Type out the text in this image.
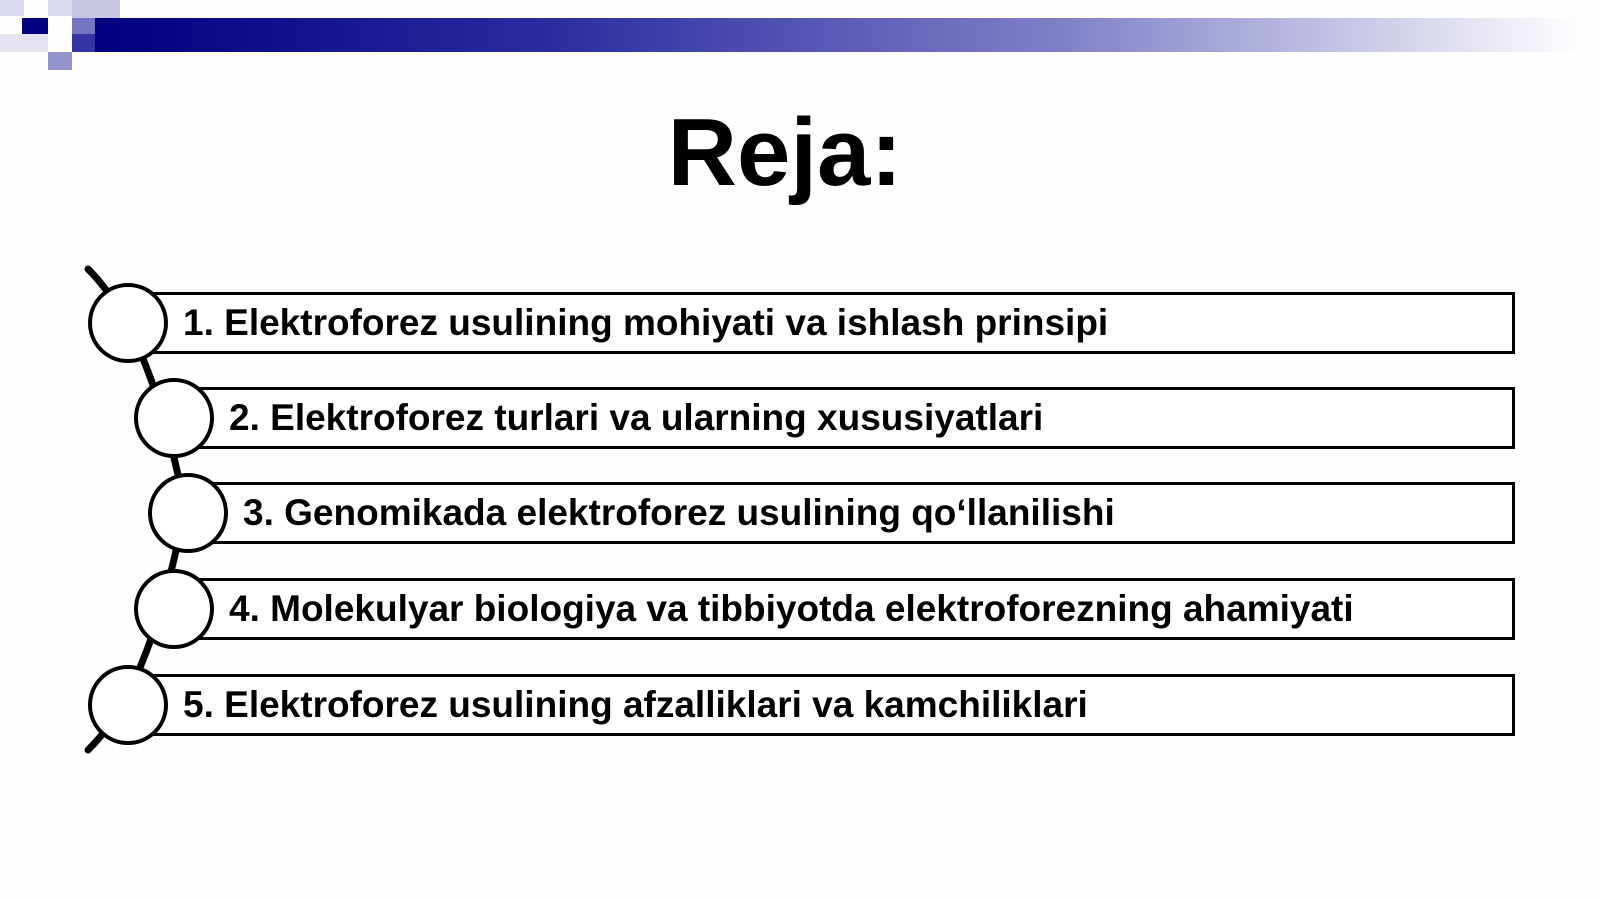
Reja:
1. Elektroforez usulining mohiyati va ishlash prinsipi
2. Elektroforez turlari va ularning xususiyatlari
3. Genomikada elektroforez usulining qo‘llanilishi
4. Molekulyar biologiya va tibbiyotda elektroforezning ahamiyati
5. Elektroforez usulining afzalliklari va kamchiliklari
